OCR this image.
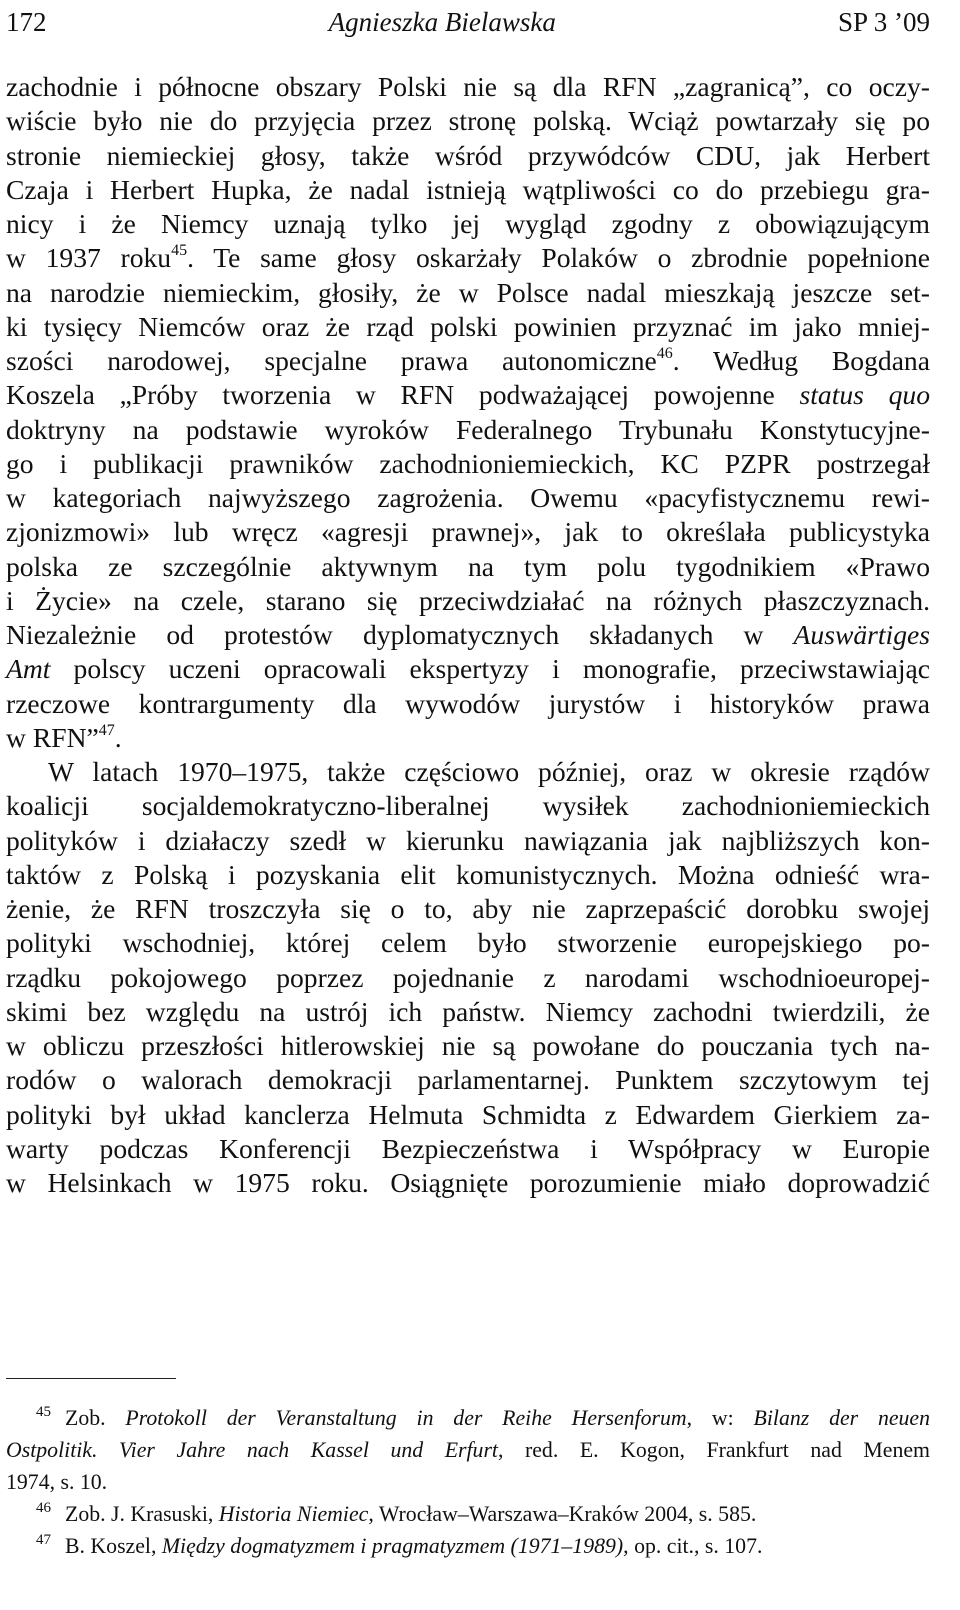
172	Agnieszka Bielawska	SP 3 ’09
zachodnie i północne obszary Polski nie są dla RFN „zagranicą”, co oczy-
wiście było nie do przyjęcia przez stronę polską. Wciąż powtarzały się po
stronie niemieckiej głosy, także wśród przywódców CDU, jak Herbert
Czaja i Herbert Hupka, że nadal istnieją wątpliwości co do przebiegu gra-
nicy i że Niemcy uznają tylko jej wygląd zgodny z obowiązującym
w 1937 roku$^{45}$. Te same głosy oskarżały Polaków o zbrodnie popełnione
na narodzie niemieckim, głosiły, że w Polsce nadal mieszkają jeszcze set-
ki tysięcy Niemców oraz że rząd polski powinien przyznać im jako mniej-
szości narodowej, specjalne prawa autonomiczne$^{46}$. Według Bogdana
Koszela „Próby tworzenia w RFN podważającej powojenne status quo
doktryny na podstawie wyroków Federalnego Trybunału Konstytucyjne-
go i publikacji prawników zachodnioniemieckich, KC PZPR postrzegał
w kategoriach najwyższego zagrożenia. Owemu «pacyfistycznemu rewi-
zjonizmowi» lub wręcz «agresji prawnej», jak to określała publicystyka
polska ze szczególnie aktywnym na tym polu tygodnikiem «Prawo
i Życie» na czele, starano się przeciwdziałać na różnych płaszczyznach.
Niezależnie od protestów dyplomatycznych składanych w Auswärtiges
Amt polscy uczeni opracowali ekspertyzy i monografie, przeciwstawiając
rzeczowe kontrargumenty dla wywodów jurystów i historyków prawa
w RFN”$^{47}$.
W latach 1970–1975, także częściowo później, oraz w okresie rządów
koalicji socjaldemokratyczno-liberalnej wysiłek zachodnioniemieckich
polityków i działaczy szedł w kierunku nawiązania jak najbliższych kon-
taktów z Polską i pozyskania elit komunistycznych. Można odnieść wra-
żenie, że RFN troszczyła się o to, aby nie zaprzepaścić dorobku swojej
polityki wschodniej, której celem było stworzenie europejskiego po-
rządku pokojowego poprzez pojednanie z narodami wschodnioeuropej-
skimi bez względu na ustrój ich państw. Niemcy zachodni twierdzili, że
w obliczu przeszłości hitlerowskiej nie są powołane do pouczania tych na-
rodów o walorach demokracji parlamentarnej. Punktem szczytowym tej
polityki był układ kanclerza Helmuta Schmidta z Edwardem Gierkiem za-
warty podczas Konferencji Bezpieczeństwa i Współpracy w Europie
w Helsinkach w 1975 roku. Osiągnięte porozumienie miało doprowadzić
$^{45}$ Zob. Protokoll der Veranstaltung in der Reihe Hersenforum, w: Bilanz der neuen
Ostpolitik. Vier Jahre nach Kassel und Erfurt, red. E. Kogon, Frankfurt nad Menem
1974, s. 10.
$^{46}$ Zob. J. Krasuski, Historia Niemiec, Wrocław–Warszawa–Kraków 2004, s. 585.
$^{47}$ B. Koszel, Między dogmatyzmem i pragmatyzmem (1971–1989), op. cit., s. 107.
